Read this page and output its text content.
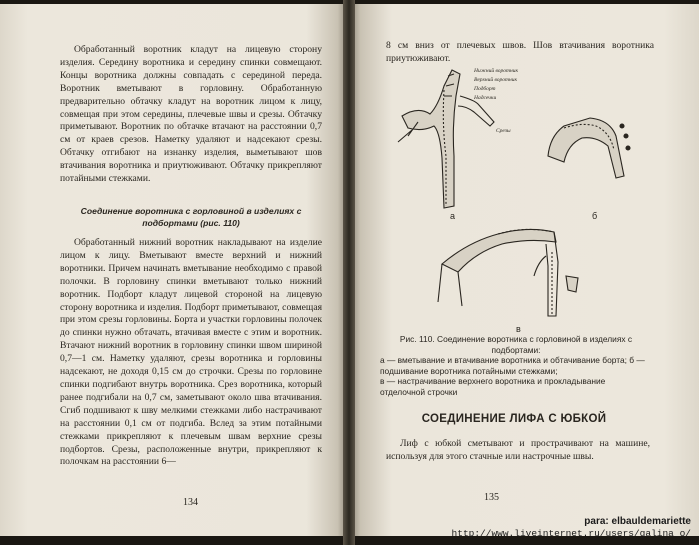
Обработанный воротник кладут на лицевую сторону изделия. Середину воротника и середину спинки совмещают. Концы воротника должны совпадать с серединой переда. Воротник вметывают в горловину. Обработанную предварительно обтачку кладут на воротник лицом к лицу, совмещая при этом середины, плечевые швы и срезы. Обтачку приметывают. Воротник по обтачке втачают на расстоянии 0,7 см от краев срезов. Наметку удаляют и надсекают срезы. Обтачку отгибают на изнанку изделия, выметывают шов втачивания воротника и приутюживают. Обтачку прикрепляют потайными стежками.
Соединение воротника с горловиной в изделиях с подбортами (рис. 110)
Обработанный нижний воротник накладывают на изделие лицом к лицу. Вметывают вместе верхний и нижний воротники. Причем начинать вметывание необходимо с правой полочки. В горловину спинки вметывают только нижний воротник. Подборт кладут лицевой стороной на лицевую сторону воротника и изделия. Подборт приметывают, совмещая при этом срезы горловины. Борта и участки горловины полочек до спинки нужно обтачать, втачивая вместе с этим и воротник. Втачают нижний воротник в горловину спинки швом шириной 0,7—1 см. Наметку удаляют, срезы воротника и горловины надсекают, не доходя 0,15 см до строчки. Срезы по горловине спинки подгибают внутрь воротника. Срез воротника, который ранее подгибали на 0,7 см, заметывают около шва втачивания. Сгиб подшивают к шву мелкими стежками либо настрачивают на расстоянии 0,1 см от подгиба. Вслед за этим потайными стежками прикрепляют к плечевым швам верхние срезы подбортов. Срезы, расположенные внутри, прикрепляют к полочкам на расстоянии 6—
134
8 см вниз от плечевых швов. Шов втачивания воротника приутюживают.
Нижний воротник
Верхний воротник
Подборт
Надсечки
Срезы
а	б
в
Рис. 110. Соединение воротника с горловиной в изделиях с подбортами:
а — вметывание и втачивание воротника и обтачивание борта; б — подшивание воротника потайными стежками;
в — настрачивание верхнего воротника и прокладывание отделочной строчки
СОЕДИНЕНИЕ ЛИФА С ЮБКОЙ
Лиф с юбкой сметывают и прострачивают на машине, используя для этого стачные или настрочные швы.
135
para: elbauldemariette
http://www.liveinternet.ru/users/galina_o/
